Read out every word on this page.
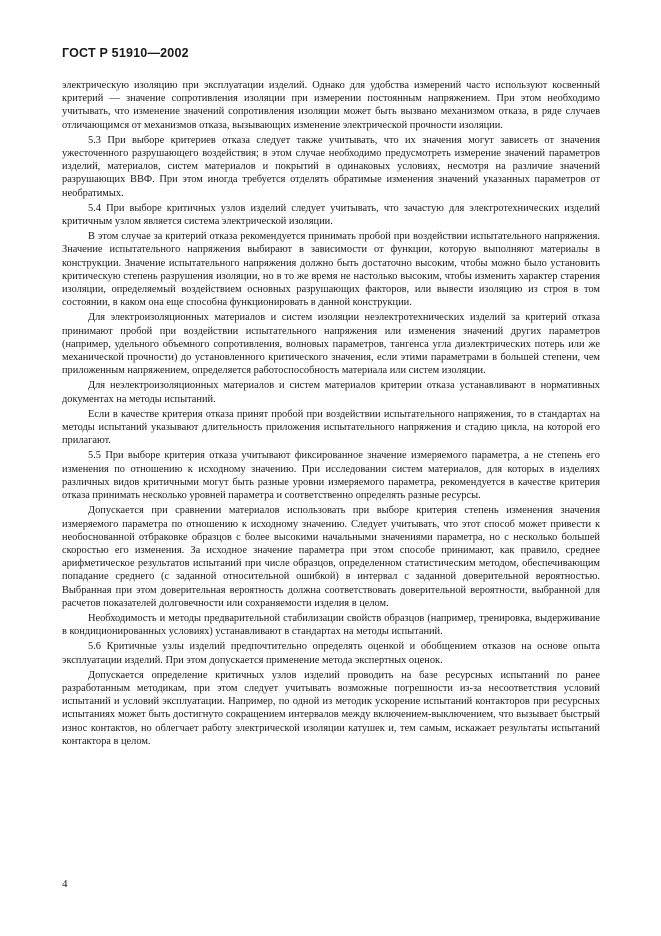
ГОСТ Р 51910—2002

электрическую изоляцию при эксплуатации изделий. Однако для удобства измерений часто используют косвенный критерий — значение сопротивления изоляции при измерении постоянным напряжением. При этом необходимо учитывать, что изменение значений сопротивления изоляции может быть вызвано механизмом отказа, в ряде случаев отличающимся от механизмов отказа, вызывающих изменение электрической прочности изоляции.

5.3 При выборе критериев отказа следует также учитывать, что их значения могут зависеть от значения ужесточенного разрушающего воздействия; в этом случае необходимо предусмотреть измерение значений параметров изделий, материалов, систем материалов и покрытий в одинаковых условиях, несмотря на различие значений разрушающих ВВФ. При этом иногда требуется отделять обратимые изменения значений указанных параметров от необратимых.

5.4 При выборе критичных узлов изделий следует учитывать, что зачастую для электротехнических изделий критичным узлом является система электрической изоляции.

В этом случае за критерий отказа рекомендуется принимать пробой при воздействии испытательного напряжения. Значение испытательного напряжения выбирают в зависимости от функции, которую выполняют материалы в конструкции. Значение испытательного напряжения должно быть достаточно высоким, чтобы можно было установить критическую степень разрушения изоляции, но в то же время не настолько высоким, чтобы изменить характер старения изоляции, определяемый воздействием основных разрушающих факторов, или вывести изоляцию из строя в том состоянии, в каком она еще способна функционировать в данной конструкции.

Для электроизоляционных материалов и систем изоляции неэлектротехнических изделий за критерий отказа принимают пробой при воздействии испытательного напряжения или изменения значений других параметров (например, удельного объемного сопротивления, волновых параметров, тангенса угла диэлектрических потерь или же механической прочности) до установленного критического значения, если этими параметрами в большей степени, чем приложенным напряжением, определяется работоспособность материала или систем изоляции.

Для неэлектроизоляционных материалов и систем материалов критерии отказа устанавливают в нормативных документах на методы испытаний.

Если в качестве критерия отказа принят пробой при воздействии испытательного напряжения, то в стандартах на методы испытаний указывают длительность приложения испытательного напряжения и стадию цикла, на которой его прилагают.

5.5 При выборе критерия отказа учитывают фиксированное значение измеряемого параметра, а не степень его изменения по отношению к исходному значению. При исследовании систем материалов, для которых в изделиях различных видов критичными могут быть разные уровни измеряемого параметра, рекомендуется в качестве критерия отказа принимать несколько уровней параметра и соответственно определять разные ресурсы.

Допускается при сравнении материалов использовать при выборе критерия степень изменения значения измеряемого параметра по отношению к исходному значению. Следует учитывать, что этот способ может привести к необоснованной отбраковке образцов с более высокими начальными значениями параметра, но с несколько большей скоростью его изменения. За исходное значение параметра при этом способе принимают, как правило, среднее арифметическое результатов испытаний при числе образцов, определенном статистическим методом, обеспечивающим попадание среднего (с заданной относительной ошибкой) в интервал с заданной доверительной вероятностью. Выбранная при этом доверительная вероятность должна соответствовать доверительной вероятности, выбранной для расчетов показателей долговечности или сохраняемости изделия в целом.

Необходимость и методы предварительной стабилизации свойств образцов (например, тренировка, выдерживание в кондиционированных условиях) устанавливают в стандартах на методы испытаний.

5.6 Критичные узлы изделий предпочтительно определять оценкой и обобщением отказов на основе опыта эксплуатации изделий. При этом допускается применение метода экспертных оценок.

Допускается определение критичных узлов изделий проводить на базе ресурсных испытаний по ранее разработанным методикам, при этом следует учитывать возможные погрешности из-за несоответствия условий испытаний и условий эксплуатации. Например, по одной из методик ускорение испытаний контакторов при ресурсных испытаниях может быть достигнуто сокращением интервалов между включением-выключением, что вызывает быстрый износ контактов, но облегчает работу электрической изоляции катушек и, тем самым, искажает результаты испытаний контактора в целом.

4
